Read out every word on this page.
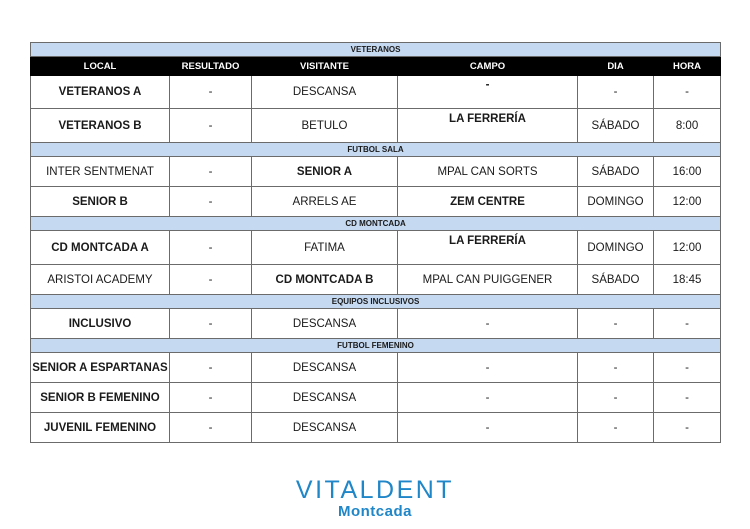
VETERANOS					
LOCAL	RESULTADO	VISITANTE	CAMPO	DIA	HORA
VETERANOS A	-	DESCANSA	-	-	-
VETERANOS B	-	BETULO	LA FERRERÍA	SÁBADO	8:00
FUTBOL SALA					
INTER SENTMENAT	-	SENIOR A	MPAL CAN SORTS	SÁBADO	16:00
SENIOR B	-	ARRELS AE	ZEM CENTRE	DOMINGO	12:00
CD MONTCADA					
CD MONTCADA A	-	FATIMA	LA FERRERÍA	DOMINGO	12:00
ARISTOI ACADEMY	-	CD MONTCADA B	MPAL CAN PUIGGENER	SÁBADO	18:45
EQUIPOS INCLUSIVOS					
INCLUSIVO	-	DESCANSA	-	-	-
FUTBOL FEMENINO					
SENIOR A ESPARTANAS	-	DESCANSA	-	-	-
SENIOR B FEMENINO	-	DESCANSA	-	-	-
JUVENIL FEMENINO	-	DESCANSA	-	-	-
VITALDENT
Montcada
